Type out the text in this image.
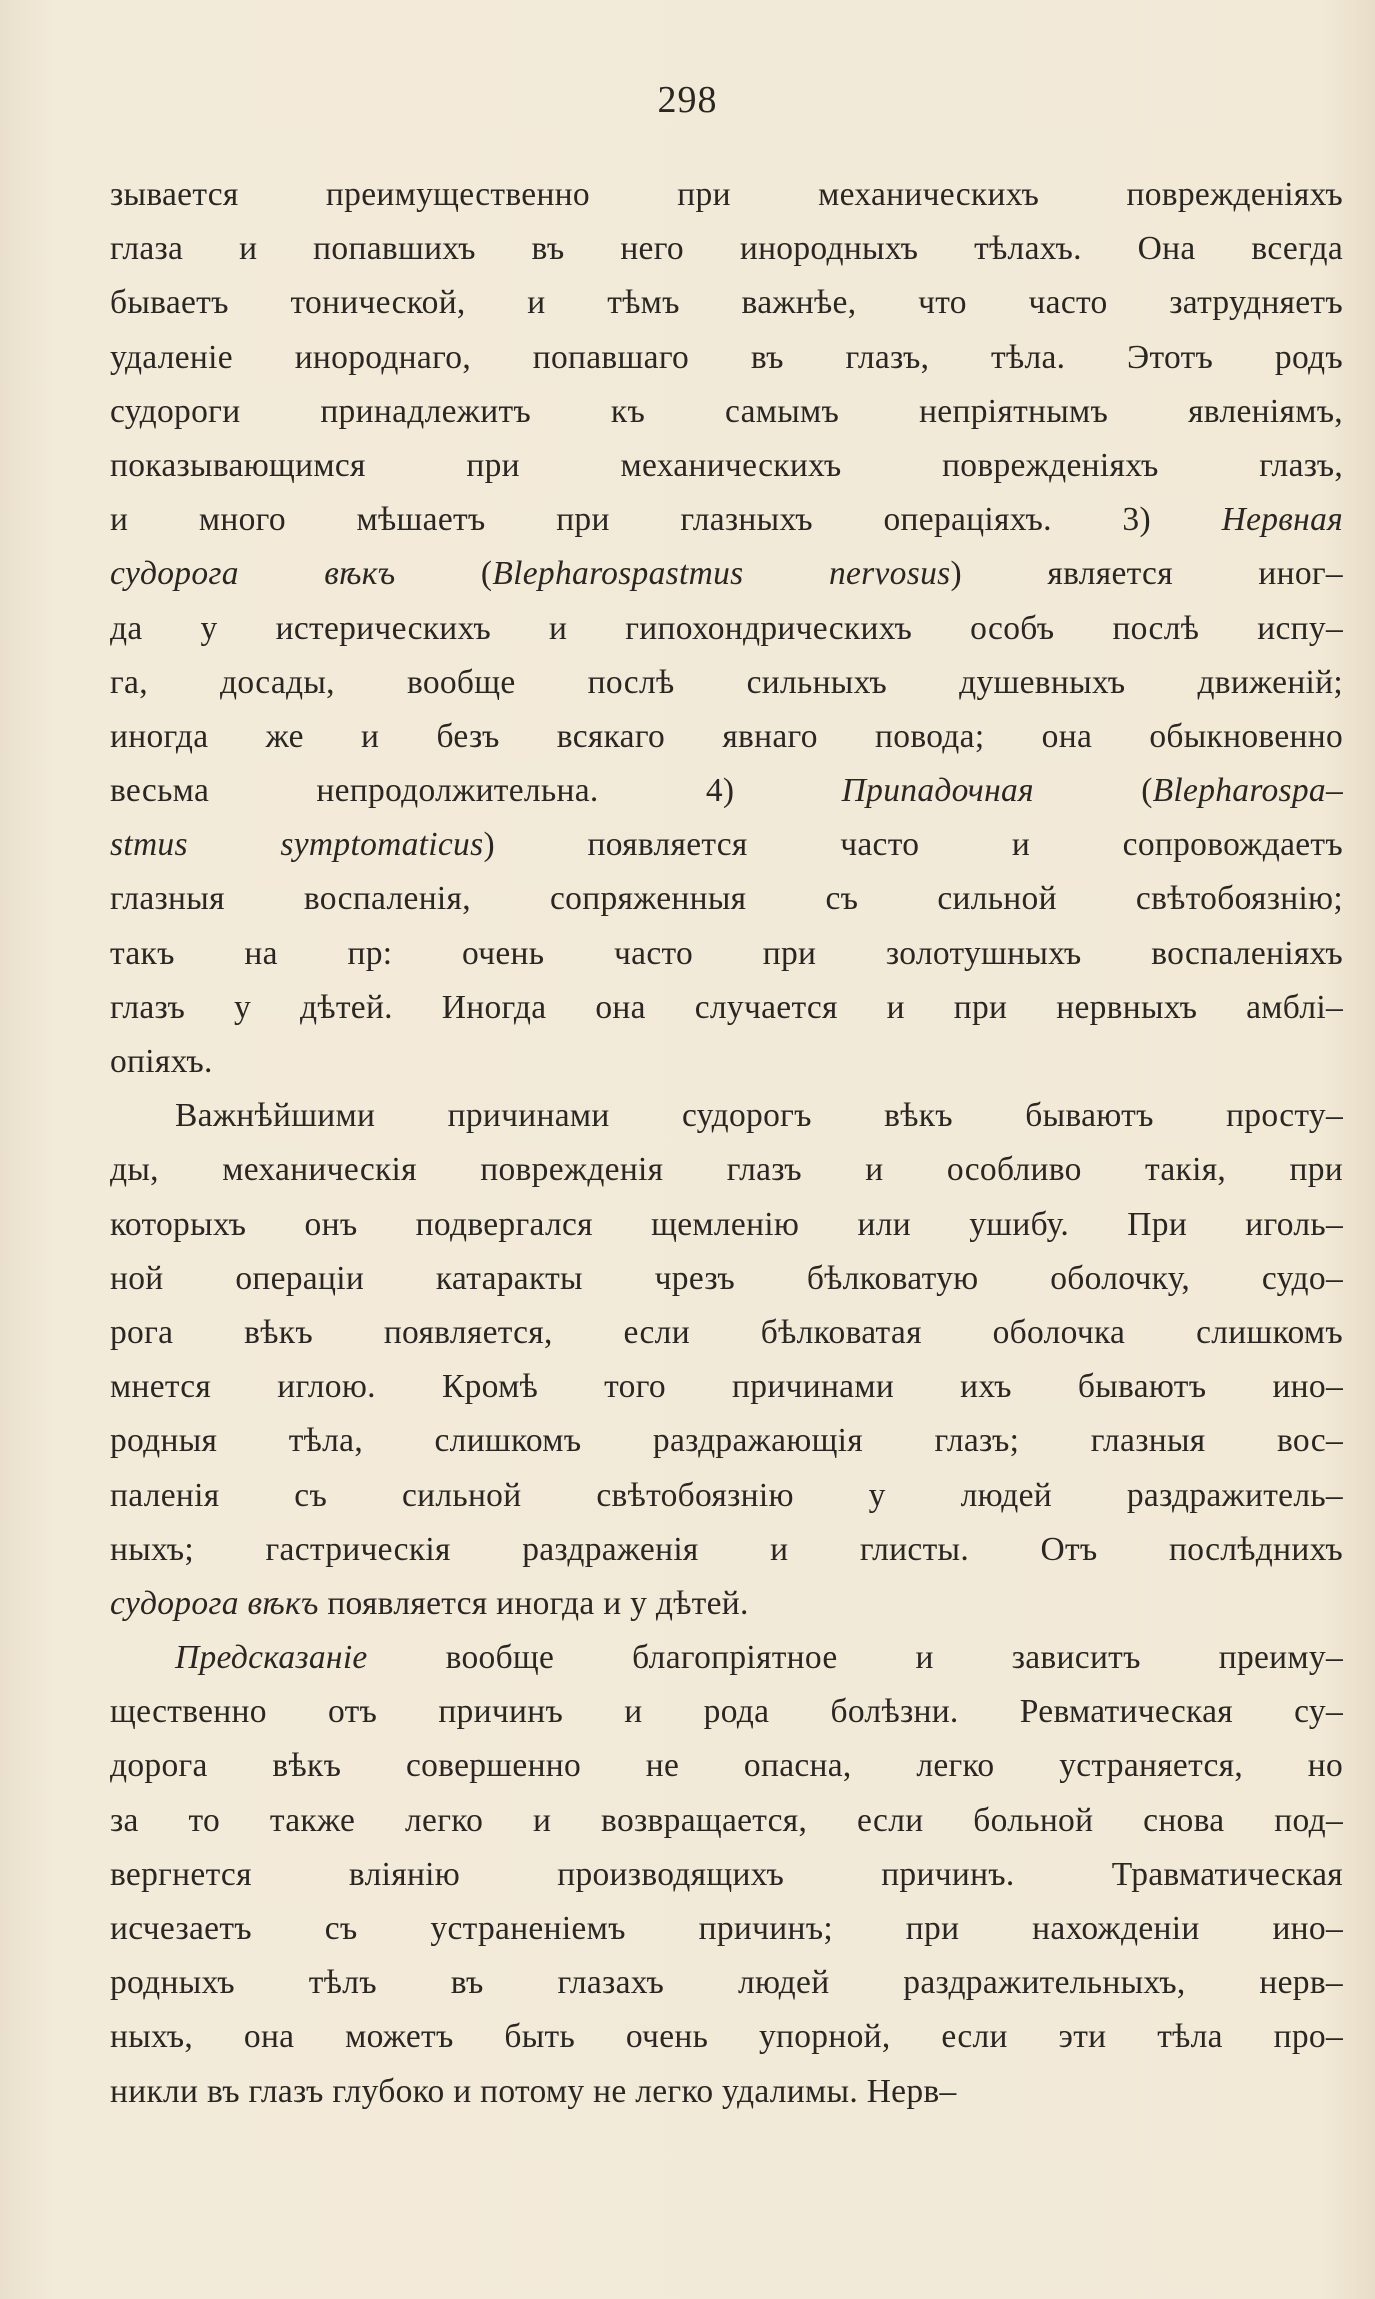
298
зывается преимущественно при механическихъ поврежденiяхъ
глаза и попавшихъ въ него инородныхъ тѣлахъ. Она всегда
бываетъ тонической, и тѣмъ важнѣе, что часто затрудняетъ
удаленiе инороднаго, попавшаго въ глазъ, тѣла. Этотъ родъ
судороги принадлежитъ къ самымъ непрiятнымъ явленiямъ,
показывающимся при механическихъ поврежденiяхъ глазъ,
и много мѣшаетъ при глазныхъ операцiяхъ. 3) Нервная
судорога вѣкъ (Blepharospastmus nervosus) является иног–
да у истерическихъ и гипохондрическихъ особъ послѣ испу–
га, досады, вообще послѣ сильныхъ душевныхъ движенiй;
иногда же и безъ всякаго явнаго повода; она обыкновенно
весьма непродолжительна. 4) Припадочная (Blepharospa–
stmus symptomaticus) появляется часто и сопровождаетъ
глазныя воспаленiя, сопряженныя съ сильной свѣтобоязнiю;
такъ на пр: очень часто при золотушныхъ воспаленiяхъ
глазъ у дѣтей. Иногда она случается и при нервныхъ амблi–
опiяхъ.
Важнѣйшими причинами судорогъ вѣкъ бываютъ просту–
ды, механическiя поврежденiя глазъ и особливо такiя, при
которыхъ онъ подвергался щемленiю или ушибу. При иголь–
ной операцiи катаракты чрезъ бѣлковатую оболочку, судо–
рога вѣкъ появляется, если бѣлковатая оболочка слишкомъ
мнется иглою. Кромѣ того причинами ихъ бываютъ ино–
родныя тѣла, слишкомъ раздражающiя глазъ; глазныя вос–
паленiя съ сильной свѣтобоязнiю у людей раздражитель–
ныхъ; гастрическiя раздраженiя и глисты. Отъ послѣднихъ
судорога вѣкъ появляется иногда и у дѣтей.
Предсказанiе вообще благопрiятное и зависитъ преиму–
щественно отъ причинъ и рода болѣзни. Ревматическая су–
дорога вѣкъ совершенно не опасна, легко устраняется, но
за то также легко и возвращается, если больной снова под–
вергнется влiянiю производящихъ причинъ. Травматическая
исчезаетъ съ устраненiемъ причинъ; при нахожденiи ино–
родныхъ тѣлъ въ глазахъ людей раздражительныхъ, нерв–
ныхъ, она можетъ быть очень упорной, если эти тѣла про–
никли въ глазъ глубоко и потому не легко удалимы. Нерв–
